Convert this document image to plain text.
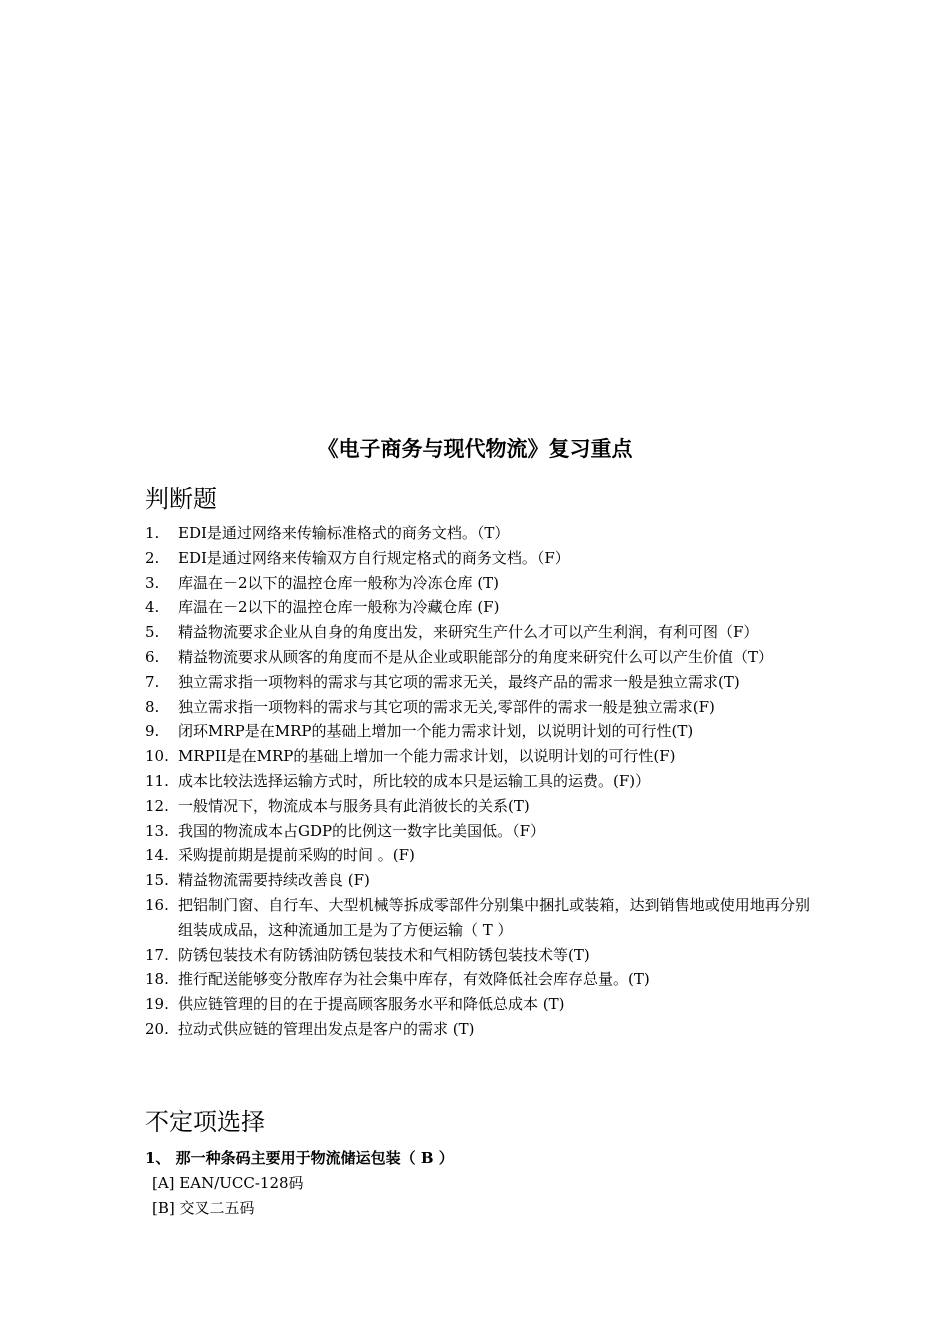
《电子商务与现代物流》复习重点
判断题
1.	EDI是通过网络来传输标准格式的商务文档。（T）
2.	EDI是通过网络来传输双方自行规定格式的商务文档。（F）
3.	库温在－2以下的温控仓库一般称为冷冻仓库 (T)
4.	库温在－2以下的温控仓库一般称为冷藏仓库 (F)
5.	精益物流要求企业从自身的角度出发，来研究生产什么才可以产生利润，有利可图（F）
6.	精益物流要求从顾客的角度而不是从企业或职能部分的角度来研究什么可以产生价值（T）
7.	独立需求指一项物料的需求与其它项的需求无关，最终产品的需求一般是独立需求(T)
8.	独立需求指一项物料的需求与其它项的需求无关,零部件的需求一般是独立需求(F)
9.	闭环MRP是在MRP的基础上增加一个能力需求计划，以说明计划的可行性(T)
10. MRPII是在MRP的基础上增加一个能力需求计划，以说明计划的可行性(F)
11. 成本比较法选择运输方式时，所比较的成本只是运输工具的运费。(F)）
12. 一般情况下，物流成本与服务具有此消彼长的关系(T)
13. 我国的物流成本占GDP的比例这一数字比美国低。（F）
14. 采购提前期是提前采购的时间 。(F)
15. 精益物流需要持续改善良 (F)
16. 把铝制门窗、自行车、大型机械等拆成零部件分别集中捆扎或装箱，达到销售地或使用地再分别组装成成品，这种流通加工是为了方便运输（ T ）
17. 防锈包装技术有防锈油防锈包装技术和气相防锈包装技术等(T)
18. 推行配送能够变分散库存为社会集中库存，有效降低社会库存总量。(T)
19. 供应链管理的目的在于提高顾客服务水平和降低总成本 (T)
20. 拉动式供应链的管理出发点是客户的需求 (T)
不定项选择
1、 那一种条码主要用于物流储运包装（ B ）
[A] EAN/UCC-128码
[B] 交叉二五码
